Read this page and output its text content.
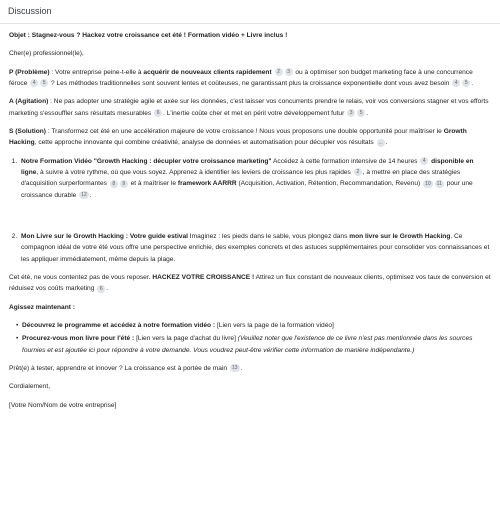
Discussion

Objet : Stagnez-vous ? Hackez votre croissance cet été ! Formation vidéo + Livre inclus !

Cher(e) professionnel(le),

P (Problème) : Votre entreprise peine-t-elle à acquérir de nouveaux clients rapidement 2 3 ou à optimiser son budget marketing face à une concurrence féroce 4 5 ? Les méthodes traditionnelles sont souvent lentes et coûteuses, ne garantissant plus la croissance exponentielle dont vous avez besoin 4 5 .

A (Agitation) : Ne pas adopter une stratégie agile et axée sur les données, c'est laisser vos concurrents prendre le relais, voir vos conversions stagner et vos efforts marketing s'essouffler sans résultats mesurables 6 . L'inertie coûte cher et met en péril votre développement futur 3 5 .

S (Solution) : Transformez cet été en une accélération majeure de votre croissance ! Nous vous proposons une double opportunité pour maîtriser le Growth Hacking, cette approche innovante qui combine créativité, analyse de données et automatisation pour décupler vos résultats ... .

1. Notre Formation Vidéo "Growth Hacking : décupler votre croissance marketing" Accédez à cette formation intensive de 14 heures 4 disponible en ligne, à suivre à votre rythme, où que vous soyez. Apprenez à identifier les leviers de croissance les plus rapides 2 , à mettre en place des stratégies d'acquisition surperformantes 8 9 et à maîtriser le framework AARRR (Acquisition, Activation, Rétention, Recommandation, Revenu) 10 11 pour une croissance durable 12 .
2. Mon Livre sur le Growth Hacking : Votre guide estival Imaginez : les pieds dans le sable, vous plongez dans mon livre sur le Growth Hacking. Ce compagnon idéal de votre été vous offre une perspective enrichie, des exemples concrets et des astuces supplémentaires pour consolider vos connaissances et les appliquer immédiatement, même depuis la plage.

Cet été, ne vous contentez pas de vous reposer. HACKEZ VOTRE CROISSANCE ! Attirez un flux constant de nouveaux clients, optimisez vos taux de conversion et réduisez vos coûts marketing 6 .

Agissez maintenant :

• Découvrez le programme et accédez à notre formation vidéo : [Lien vers la page de la formation vidéo]
• Procurez-vous mon livre pour l'été : [Lien vers la page d'achat du livre] (Veuillez noter que l'existence de ce livre n'est pas mentionnée dans les sources fournies et est ajoutée ici pour répondre à votre demande. Vous voudrez peut-être vérifier cette information de manière indépendante.)

Prêt(e) à tester, apprendre et innover ? La croissance est à portée de main 13 .

Cordialement,

[Votre Nom/Nom de votre entreprise]
